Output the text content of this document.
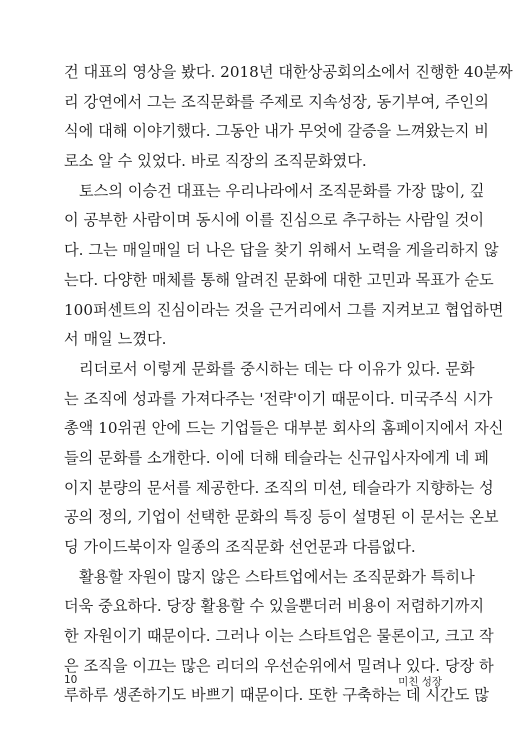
건 대표의 영상을 봤다. 2018년 대한상공회의소에서 진행한 40분짜
리 강연에서 그는 조직문화를 주제로 지속성장, 동기부여, 주인의
식에 대해 이야기했다. 그동안 내가 무엇에 갈증을 느껴왔는지 비
로소 알 수 있었다. 바로 직장의 조직문화였다.
토스의 이승건 대표는 우리나라에서 조직문화를 가장 많이, 깊
이 공부한 사람이며 동시에 이를 진심으로 추구하는 사람일 것이
다. 그는 매일매일 더 나은 답을 찾기 위해서 노력을 게을리하지 않
는다. 다양한 매체를 통해 알려진 문화에 대한 고민과 목표가 순도
100퍼센트의 진심이라는 것을 근거리에서 그를 지켜보고 협업하면
서 매일 느꼈다.
리더로서 이렇게 문화를 중시하는 데는 다 이유가 있다. 문화
는 조직에 성과를 가져다주는 '전략'이기 때문이다. 미국주식 시가
총액 10위권 안에 드는 기업들은 대부분 회사의 홈페이지에서 자신
들의 문화를 소개한다. 이에 더해 테슬라는 신규입사자에게 네 페
이지 분량의 문서를 제공한다. 조직의 미션, 테슬라가 지향하는 성
공의 정의, 기업이 선택한 문화의 특징 등이 설명된 이 문서는 온보
딩 가이드북이자 일종의 조직문화 선언문과 다름없다.
활용할 자원이 많지 않은 스타트업에서는 조직문화가 특히나
더욱 중요하다. 당장 활용할 수 있을뿐더러 비용이 저렴하기까지
한 자원이기 때문이다. 그러나 이는 스타트업은 물론이고, 크고 작
은 조직을 이끄는 많은 리더의 우선순위에서 밀려나 있다. 당장 하
루하루 생존하기도 바쁘기 때문이다. 또한 구축하는 데 시간도 많
10	미친 성장
